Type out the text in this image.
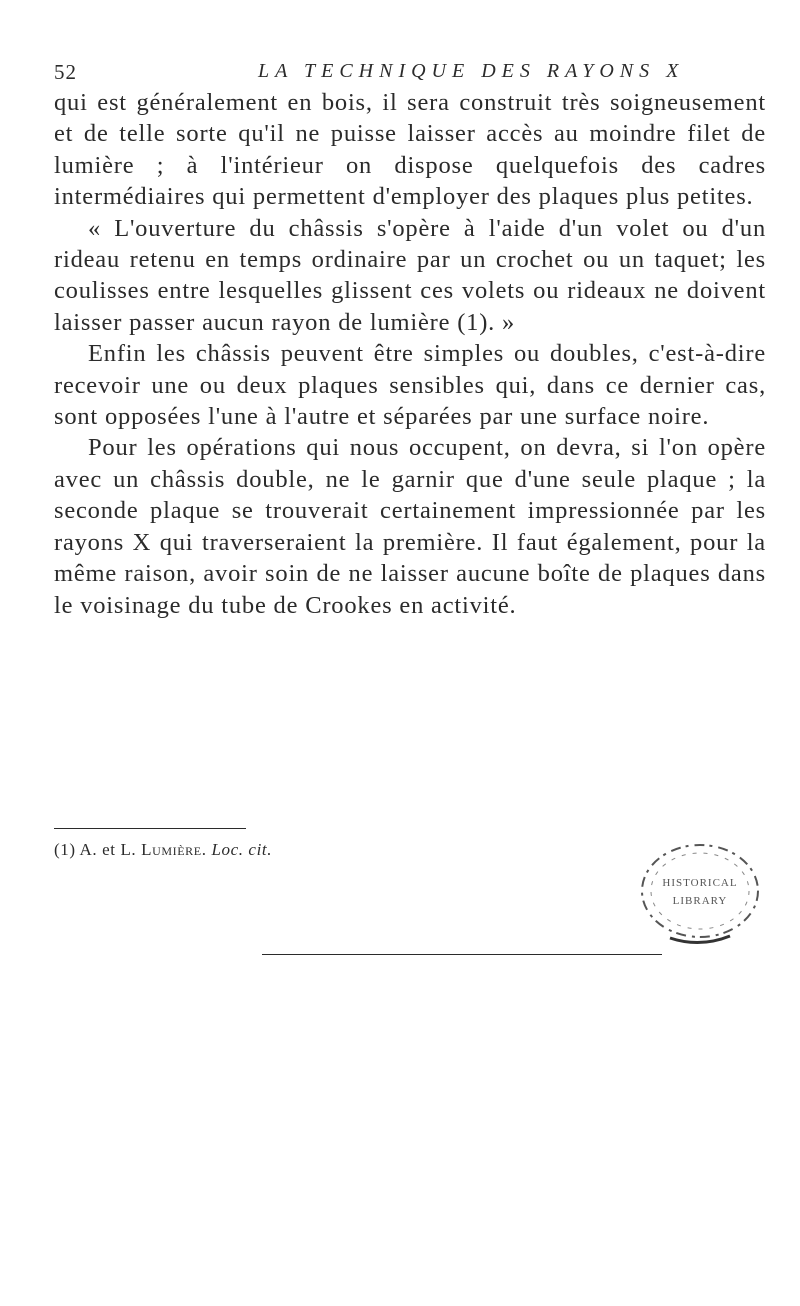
52	LA TECHNIQUE DES RAYONS X

qui est généralement en bois, il sera construit très soigneusement et de telle sorte qu'il ne puisse laisser accès au moindre filet de lumière ; à l'intérieur on dispose quelquefois des cadres intermédiaires qui permettent d'employer des plaques plus petites.

« L'ouverture du châssis s'opère à l'aide d'un volet ou d'un rideau retenu en temps ordinaire par un crochet ou un taquet; les coulisses entre lesquelles glissent ces volets ou rideaux ne doivent laisser passer aucun rayon de lumière (1). »

Enfin les châssis peuvent être simples ou doubles, c'est-à-dire recevoir une ou deux plaques sensibles qui, dans ce dernier cas, sont opposées l'une à l'autre et séparées par une surface noire.

Pour les opérations qui nous occupent, on devra, si l'on opère avec un châssis double, ne le garnir que d'une seule plaque ; la seconde plaque se trouverait certainement impressionnée par les rayons X qui traverseraient la première. Il faut également, pour la même raison, avoir soin de ne laisser aucune boîte de plaques dans le voisinage du tube de Crookes en activité.

(1) A. et L. Lumière. Loc. cit.
HISTORICAL
LIBRARY
